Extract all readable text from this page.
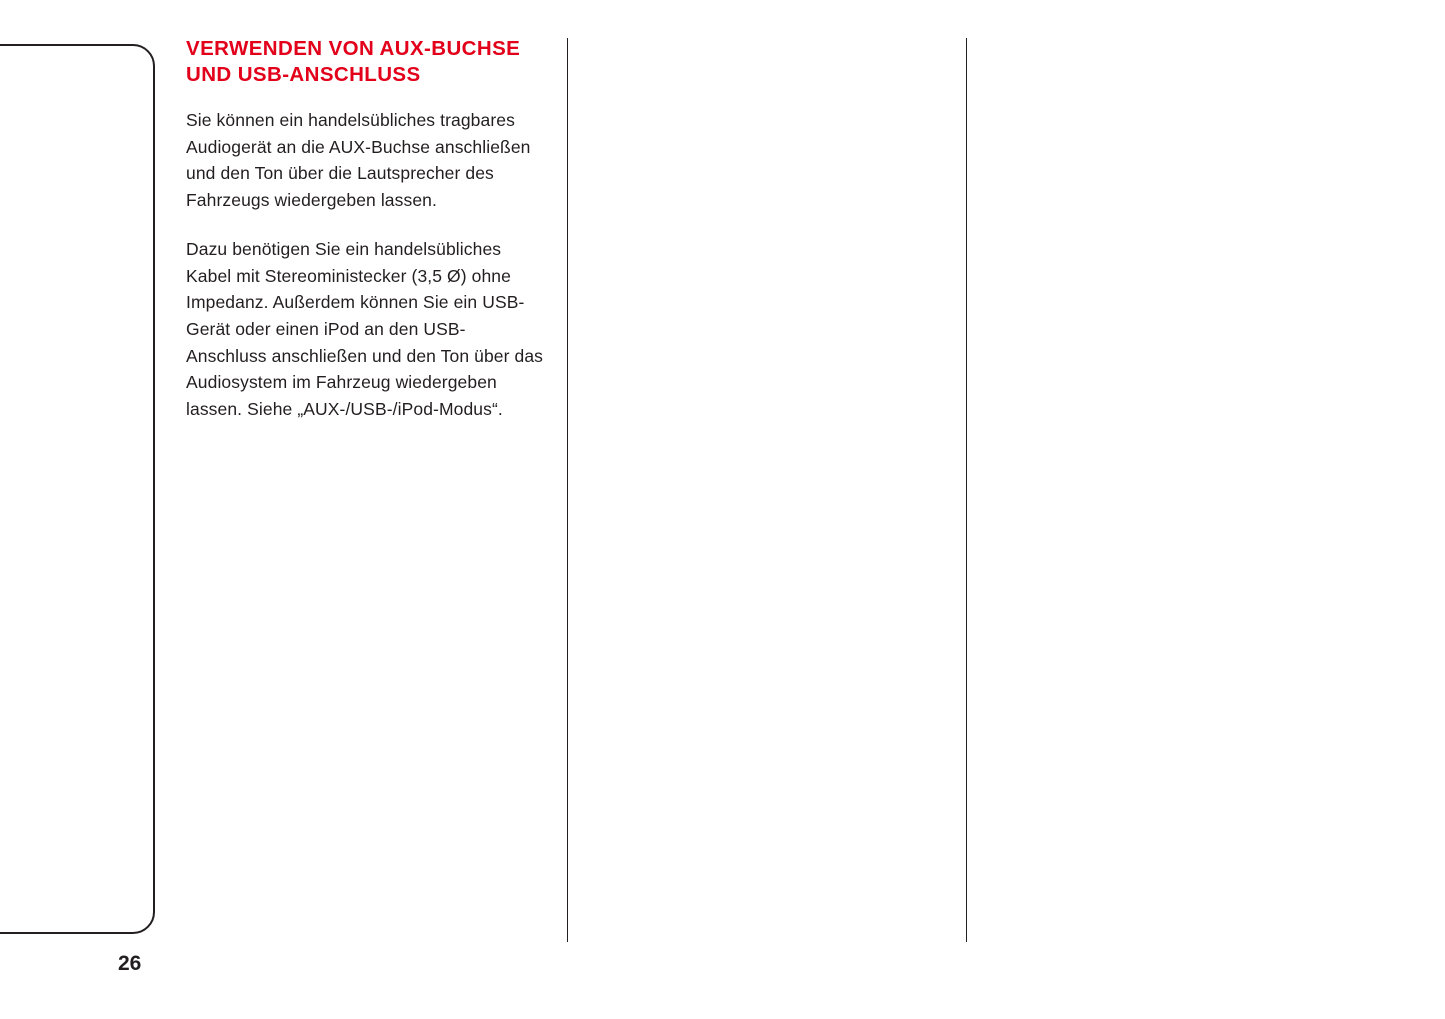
VERWENDEN VON AUX-BUCHSE UND USB-ANSCHLUSS

Sie können ein handelsübliches tragbares Audiogerät an die AUX-Buchse anschließen und den Ton über die Lautsprecher des Fahrzeugs wiedergeben lassen.

Dazu benötigen Sie ein handelsübliches Kabel mit Stereoministecker (3,5 Ø) ohne Impedanz. Außerdem können Sie ein USB-Gerät oder einen iPod an den USB-Anschluss anschließen und den Ton über das Audiosystem im Fahrzeug wiedergeben lassen. Siehe „AUX-/USB-/iPod-Modus“.

26
